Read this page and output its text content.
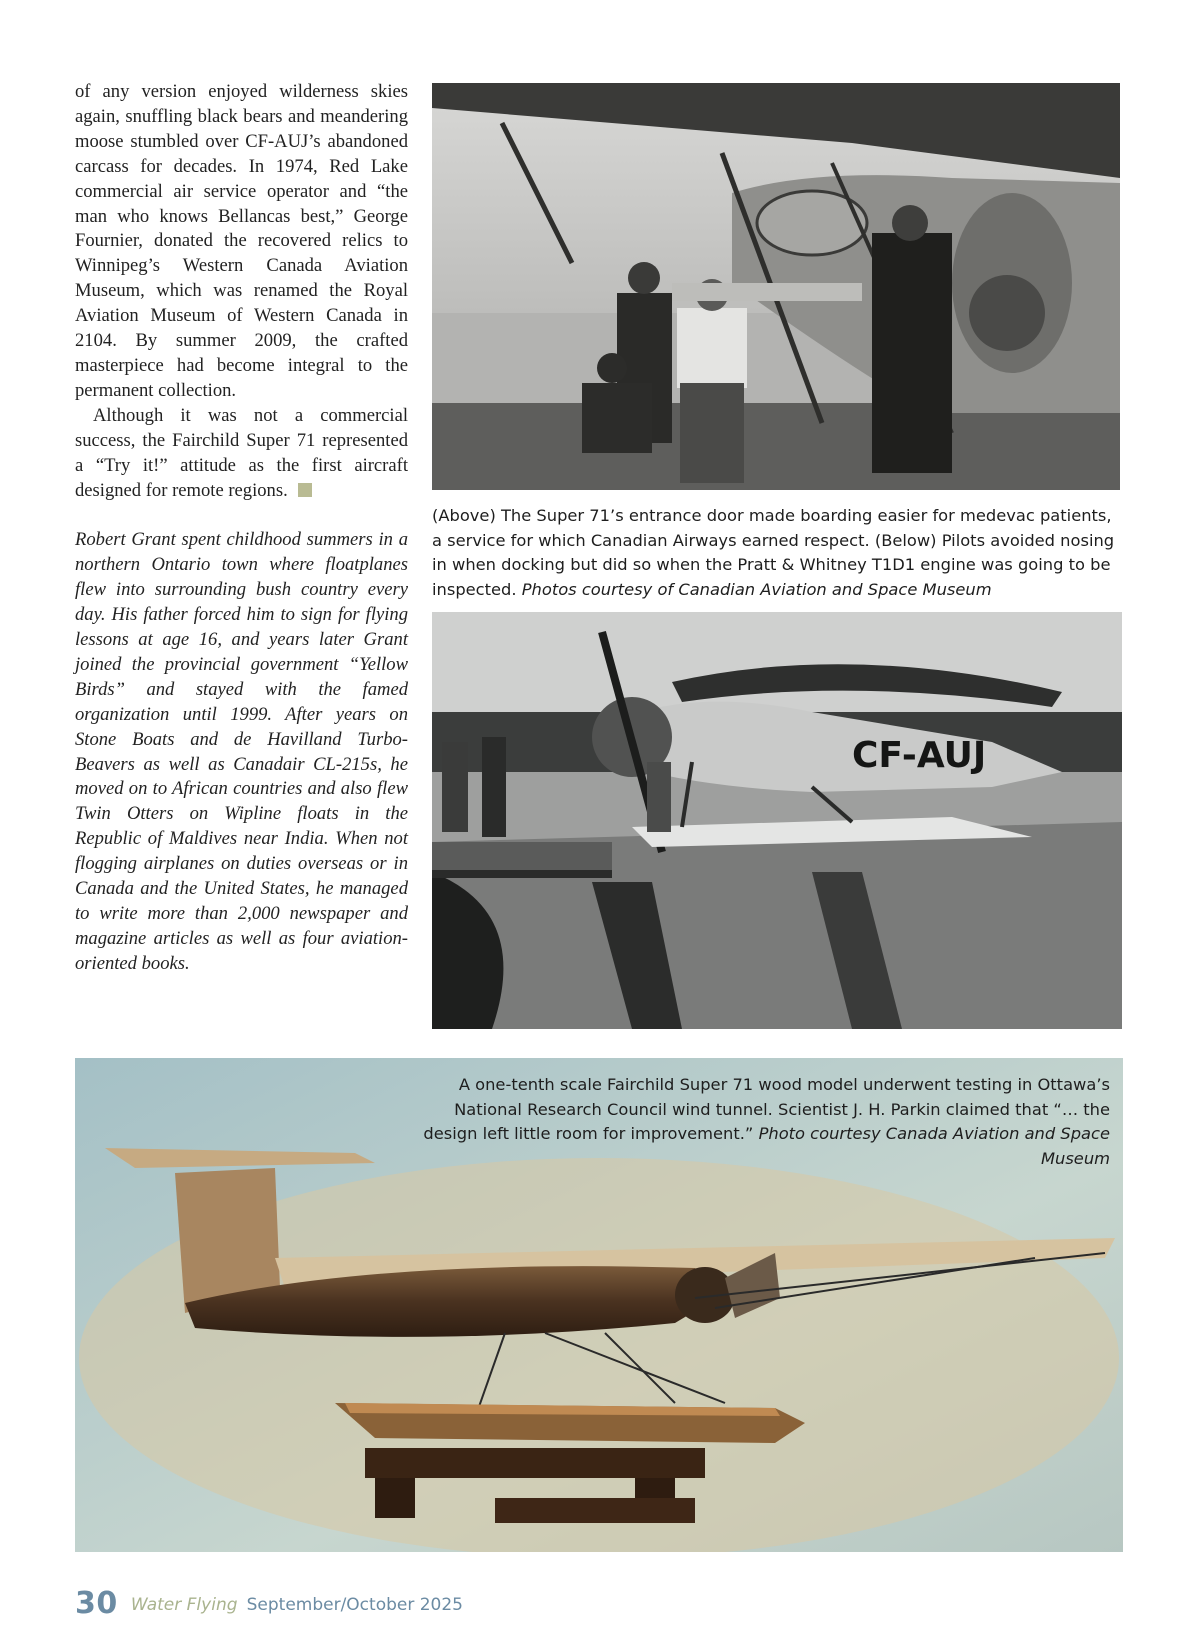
of any version enjoyed wilderness skies again, snuffling black bears and meandering moose stumbled over CF-AUJ’s abandoned carcass for decades. In 1974, Red Lake commercial air service operator and “the man who knows Bellancas best,” George Fournier, donated the recovered relics to Winnipeg’s Western Canada Aviation Museum, which was renamed the Royal Aviation Museum of Western Canada in 2104. By summer 2009, the crafted masterpiece had become integral to the permanent collection.

Although it was not a commercial success, the Fairchild Super 71 represented a “Try it!” attitude as the first aircraft designed for remote regions.

Robert Grant spent childhood summers in a northern Ontario town where floatplanes flew into surrounding bush country every day. His father forced him to sign for flying lessons at age 16, and years later Grant joined the provincial government “Yellow Birds” and stayed with the famed organization until 1999. After years on Stone Boats and de Havilland Turbo-Beavers as well as Canadair CL-215s, he moved on to African countries and also flew Twin Otters on Wipline floats in the Republic of Maldives near India. When not flogging airplanes on duties overseas or in Canada and the United States, he managed to write more than 2,000 newspaper and magazine articles as well as four aviation-oriented books.

(Above) The Super 71’s entrance door made boarding easier for medevac patients, a service for which Canadian Airways earned respect. (Below) Pilots avoided nosing in when docking but did so when the Pratt & Whitney T1D1 engine was going to be inspected. Photos courtesy of Canadian Aviation and Space Museum
CF-AUJ
A one-tenth scale Fairchild Super 71 wood model underwent testing in Ottawa’s National Research Council wind tunnel. Scientist J. H. Parkin claimed that “… the design left little room for improvement.” Photo courtesy Canada Aviation and Space Museum
30 Water Flying September/October 2025
